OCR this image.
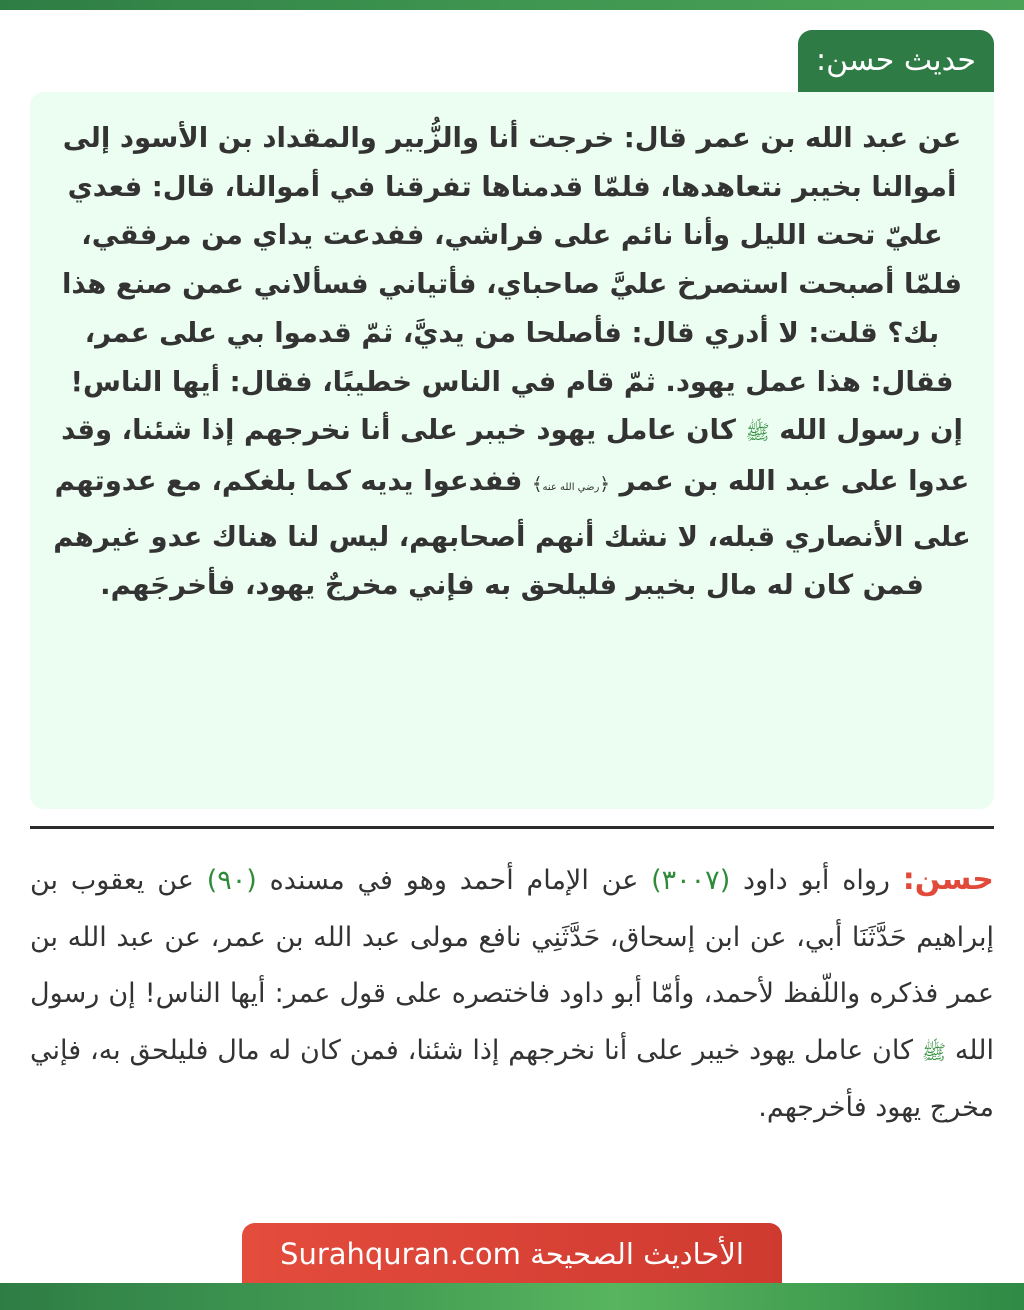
حديث حسن:

عن عبد الله بن عمر قال: خرجت أنا والزُّبير والمقداد بن الأسود إلى أموالنا بخيبر نتعاهدها، فلمّا قدمناها تفرقنا في أموالنا، قال: فعدي عليّ تحت الليل وأنا نائم على فراشي، ففدعت يداي من مرفقي، فلمّا أصبحت استصرخ عليَّ صاحباي، فأتياني فسألاني عمن صنع هذا بك؟ قلت: لا أدري قال: فأصلحا من يديَّ، ثمّ قدموا بي على عمر، فقال: هذا عمل يهود. ثمّ قام في الناس خطيبًا، فقال: أيها الناس! إن رسول الله ﷺ كان عامل يهود خيبر على أنا نخرجهم إذا شئنا، وقد عدوا على عبد الله بن عمر ﴿رضي الله عنه﴾ ففدعوا يديه كما بلغكم، مع عدوتهم على الأنصاري قبله، لا نشك أنهم أصحابهم، ليس لنا هناك عدو غيرهم فمن كان له مال بخيبر فليلحق به فإني مخرجٌ يهود، فأخرجَهم.

حسن: رواه أبو داود (٣٠٠٧) عن الإمام أحمد وهو في مسنده (٩٠) عن يعقوب بن إبراهيم حَدَّثَنَا أبي، عن ابن إسحاق، حَدَّثَنِي نافع مولى عبد الله بن عمر، عن عبد الله بن عمر فذكره واللّفظ لأحمد، وأمّا أبو داود فاختصره على قول عمر: أيها الناس! إن رسول الله ﷺ كان عامل يهود خيبر على أنا نخرجهم إذا شئنا، فمن كان له مال فليلحق به، فإني مخرج يهود فأخرجهم.

الأحاديث الصحيحة Surahquran.com
